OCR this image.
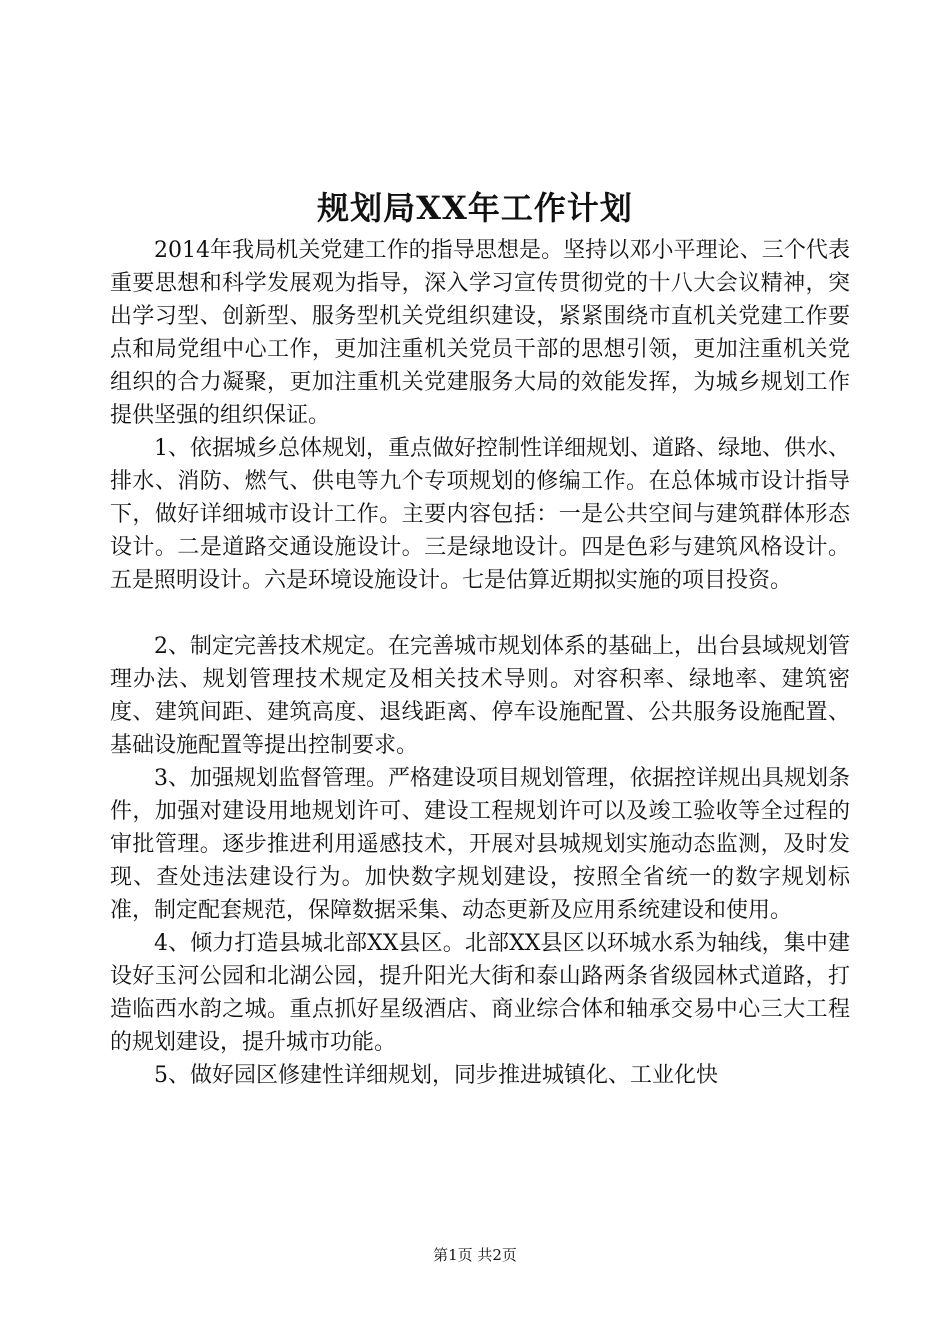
规划局XX年工作计划

2014年我局机关党建工作的指导思想是。坚持以邓小平理论、三个代表重要思想和科学发展观为指导，深入学习宣传贯彻党的十八大会议精神，突出学习型、创新型、服务型机关党组织建设，紧紧围绕市直机关党建工作要点和局党组中心工作，更加注重机关党员干部的思想引领，更加注重机关党组织的合力凝聚，更加注重机关党建服务大局的效能发挥，为城乡规划工作提供坚强的组织保证。

1、依据城乡总体规划，重点做好控制性详细规划、道路、绿地、供水、排水、消防、燃气、供电等九个专项规划的修编工作。在总体城市设计指导下，做好详细城市设计工作。主要内容包括：一是公共空间与建筑群体形态设计。二是道路交通设施设计。三是绿地设计。四是色彩与建筑风格设计。五是照明设计。六是环境设施设计。七是估算近期拟实施的项目投资。

2、制定完善技术规定。在完善城市规划体系的基础上，出台县域规划管理办法、规划管理技术规定及相关技术导则。对容积率、绿地率、建筑密度、建筑间距、建筑高度、退线距离、停车设施配置、公共服务设施配置、基础设施配置等提出控制要求。

3、加强规划监督管理。严格建设项目规划管理，依据控详规出具规划条件，加强对建设用地规划许可、建设工程规划许可以及竣工验收等全过程的审批管理。逐步推进利用遥感技术，开展对县城规划实施动态监测，及时发现、查处违法建设行为。加快数字规划建设，按照全省统一的数字规划标准，制定配套规范，保障数据采集、动态更新及应用系统建设和使用。

4、倾力打造县城北部XX县区。北部XX县区以环城水系为轴线，集中建设好玉河公园和北湖公园，提升阳光大街和泰山路两条省级园林式道路，打造临西水韵之城。重点抓好星级酒店、商业综合体和轴承交易中心三大工程的规划建设，提升城市功能。

5、做好园区修建性详细规划，同步推进城镇化、工业化快

第1页 共2页
